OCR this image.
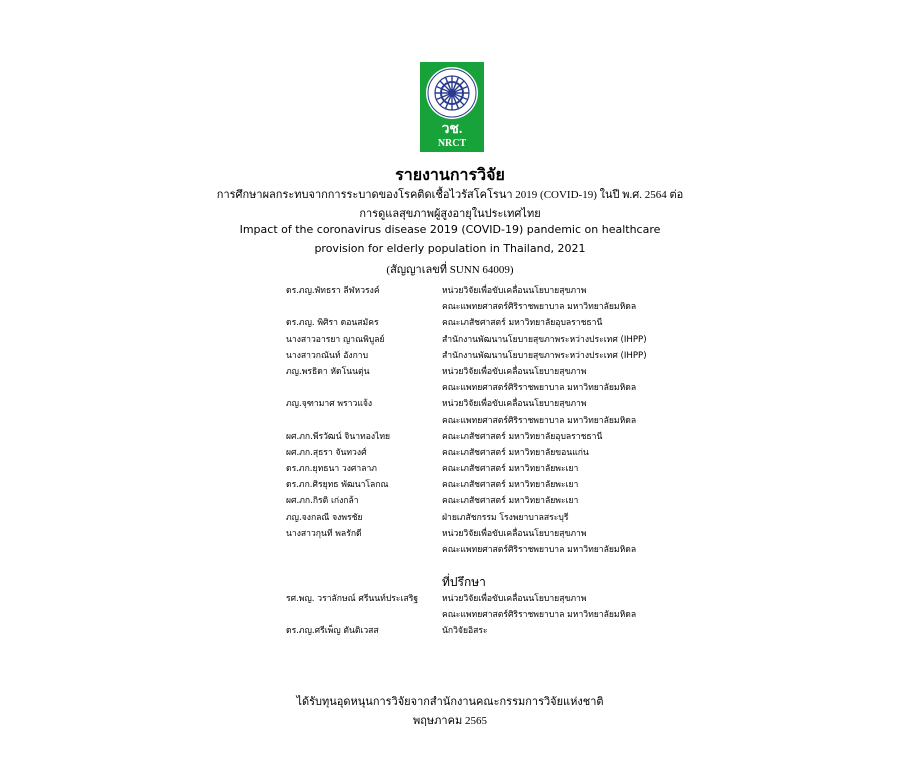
วช.
NRCT
รายงานการวิจัย
การศึกษาผลกระทบจากการระบาดของโรคติดเชื้อไวรัสโคโรนา 2019 (COVID-19) ในปี พ.ศ. 2564 ต่อ
การดูแลสุขภาพผู้สูงอายุในประเทศไทย
Impact of the coronavirus disease 2019 (COVID-19) pandemic on healthcare
provision for elderly population in Thailand, 2021
(สัญญาเลขที่ SUNN 64009)
ดร.ภญ.พัทธรา ลีฬหวรงค์	หน่วยวิจัยเพื่อขับเคลื่อนนโยบายสุขภาพ
คณะแพทยศาสตร์ศิริราชพยาบาล มหาวิทยาลัยมหิดล
ดร.ภญ. พิศิรา ดอนสมัคร	คณะเภสัชศาสตร์ มหาวิทยาลัยอุบลราชธานี
นางสาวอารยา ญาณพิบูลย์	สำนักงานพัฒนานโยบายสุขภาพระหว่างประเทศ (IHPP)
นางสาวกณันท์ อังกาบ	สำนักงานพัฒนานโยบายสุขภาพระหว่างประเทศ (IHPP)
ภญ.พรธิดา หัดโนนตุ่น	หน่วยวิจัยเพื่อขับเคลื่อนนโยบายสุขภาพ
คณะแพทยศาสตร์ศิริราชพยาบาล มหาวิทยาลัยมหิดล
ภญ.จุฑามาศ พราวแจ้ง	หน่วยวิจัยเพื่อขับเคลื่อนนโยบายสุขภาพ
คณะแพทยศาสตร์ศิริราชพยาบาล มหาวิทยาลัยมหิดล
ผศ.ภก.พีรวัฒน์ จินาทองไทย	คณะเภสัชศาสตร์ มหาวิทยาลัยอุบลราชธานี
ผศ.ภก.สุธรา จันทวงศ์	คณะเภสัชศาสตร์ มหาวิทยาลัยขอนแก่น
ดร.ภก.ยุทธนา วงศาลาภ	คณะเภสัชศาสตร์ มหาวิทยาลัยพะเยา
ดร.ภก.ศิรยุทธ พัฒนาโลกณ	คณะเภสัชศาสตร์ มหาวิทยาลัยพะเยา
ผศ.ภก.กิรติ เก่งกล้า	คณะเภสัชศาสตร์ มหาวิทยาลัยพะเยา
ภญ.จงกลณี จงพรชัย	ฝ่ายเภสัชกรรม โรงพยาบาลสระบุรี
นางสาวกุนที พลรักดี	หน่วยวิจัยเพื่อขับเคลื่อนนโยบายสุขภาพ
คณะแพทยศาสตร์ศิริราชพยาบาล มหาวิทยาลัยมหิดล
ที่ปรึกษา
รศ.พญ. วราลักษณ์ ศรีนนท์ประเสริฐ	หน่วยวิจัยเพื่อขับเคลื่อนนโยบายสุขภาพ
คณะแพทยศาสตร์ศิริราชพยาบาล มหาวิทยาลัยมหิดล
ดร.ภญ.ศรีเพ็ญ ตันติเวสส	นักวิจัยอิสระ
ได้รับทุนอุดหนุนการวิจัยจากสำนักงานคณะกรรมการวิจัยแห่งชาติ
พฤษภาคม 2565
